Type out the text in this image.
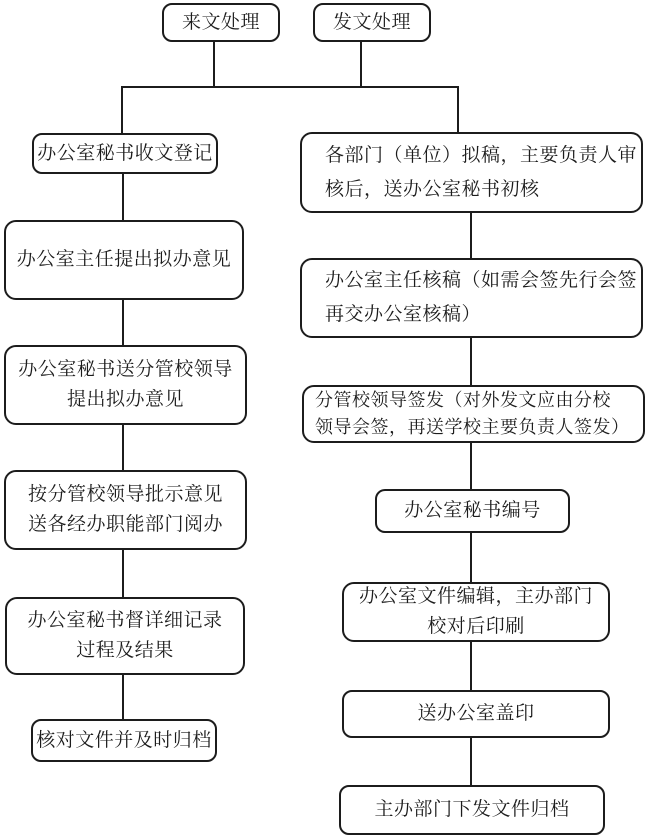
来文处理	发文处理
办公室秘书收文登记
办公室主任提出拟办意见
办公室秘书送分管校领导
提出拟办意见
按分管校领导批示意见
送各经办职能部门阅办
办公室秘书督详细记录
过程及结果
核对文件并及时归档
各部门（单位）拟稿，主要负责人审
核后，送办公室秘书初核
办公室主任核稿（如需会签先行会签
再交办公室核稿）
分管校领导签发（对外发文应由分校
领导会签，再送学校主要负责人签发）
办公室秘书编号
办公室文件编辑，主办部门
校对后印刷
送办公室盖印
主办部门下发文件归档
